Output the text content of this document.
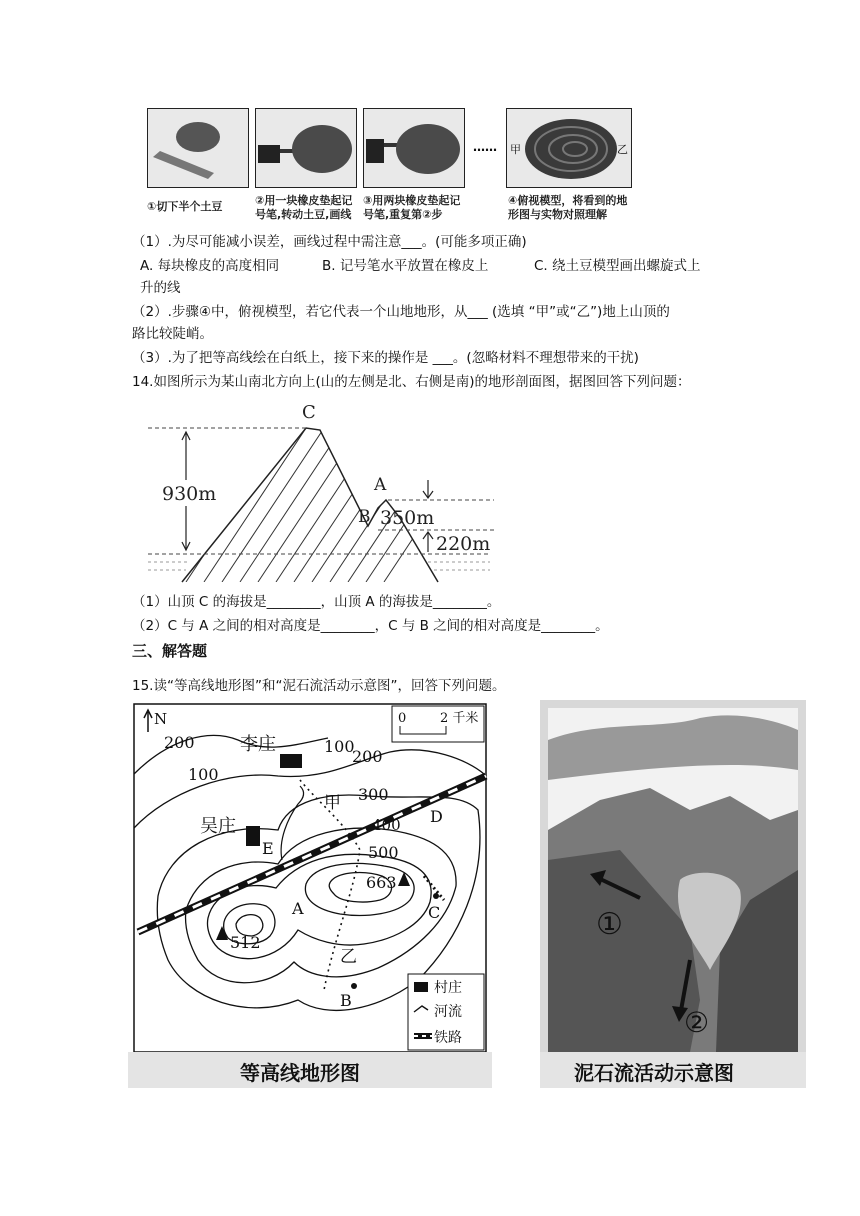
①切下半个土豆	②用一块橡皮垫起记号笔,转动土豆,画线
③用两块橡皮垫起记号笔,重复第②步
…… 甲	乙
④俯视模型，将看到的地形图与实物对照理解
（1）.为尽可能减小误差，画线过程中需注意___。(可能多项正确)
A. 每块橡皮的高度相同	B. 记号笔水平放置在橡皮上	C. 绕土豆模型画出螺旋式上
升的线
（2）.步骤④中，俯视模型，若它代表一个山地地形，从___ (选填 “甲”或“乙”)地上山顶的
路比较陡峭。
（3）.为了把等高线绘在白纸上，接下来的操作是 ___。(忽略材料不理想带来的干扰)
14.如图所示为某山南北方向上(山的左侧是北、右侧是南)的地形剖面图，据图回答下列问题：
930m
C
A
B 350m
220m
（1）山顶 C 的海拔是________，山顶 A 的海拔是________。
（2）C 与 A 之间的相对高度是________，C 与 B 之间的相对高度是________。
三、解答题
15.读“等高线地形图”和“泥石流活动示意图”，回答下列问题。
N	0	2 千米
200
100
100
200
300
400
500
663
512
李庄
吴庄
甲
乙
A
B
C
D
E
村庄
河流
铁路
等高线地形图
①
②
泥石流活动示意图
